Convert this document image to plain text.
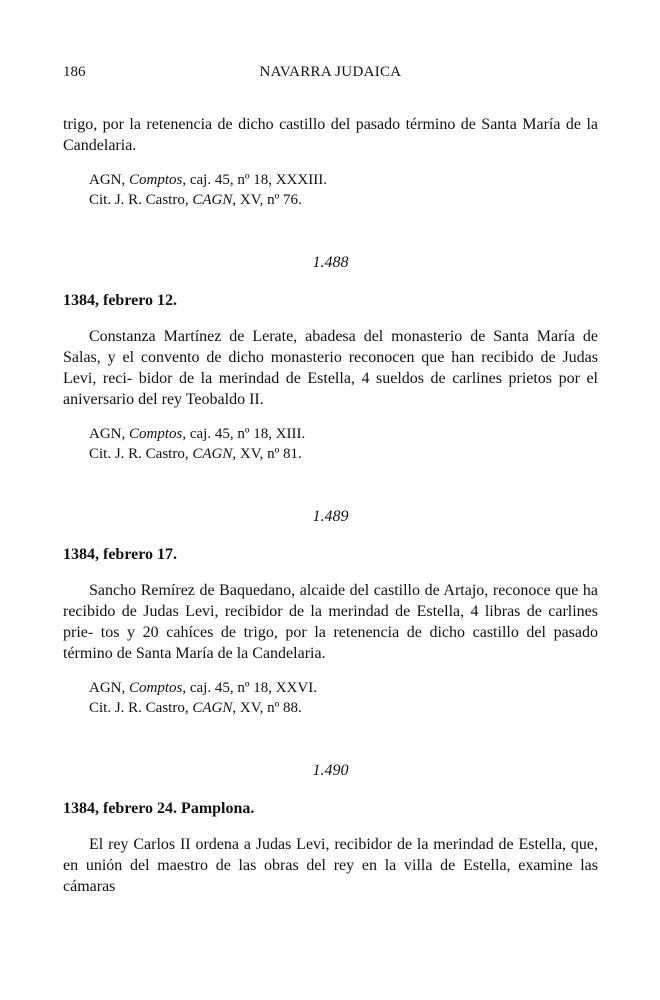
186	NAVARRA JUDAICA
trigo, por la retenencia de dicho castillo del pasado término de Santa María de laCandelaria.
AGN, Comptos, caj. 45, nº 18, XXXIII.
Cit. J. R. Castro, CAGN, XV, nº 76.
1.488
1384, febrero 12.
Constanza Martínez de Lerate, abadesa del monasterio de Santa María de Salas, y el convento de dicho monasterio reconocen que han recibido de Judas Levi, reci- bidor de la merindad de Estella, 4 sueldos de carlines prietos por el aniversario del rey Teobaldo II.
AGN, Comptos, caj. 45, nº 18, XIII.
Cit. J. R. Castro, CAGN, XV, nº 81.
1.489
1384, febrero 17.
Sancho Remírez de Baquedano, alcaide del castillo de Artajo, reconoce que harecibido de Judas Levi, recibidor de la merindad de Estella, 4 libras de carlines prie- tos y 20 cahíces de trigo, por la retenencia de dicho castillo del pasado término de Santa María de la Candelaria.
AGN, Comptos, caj. 45, nº 18, XXVI.
Cit. J. R. Castro, CAGN, XV, nº 88.
1.490
1384, febrero 24. Pamplona.
El rey Carlos II ordena a Judas Levi, recibidor de la merindad de Estella, que,en unión del maestro de las obras del rey en la villa de Estella, examine las cámaras
